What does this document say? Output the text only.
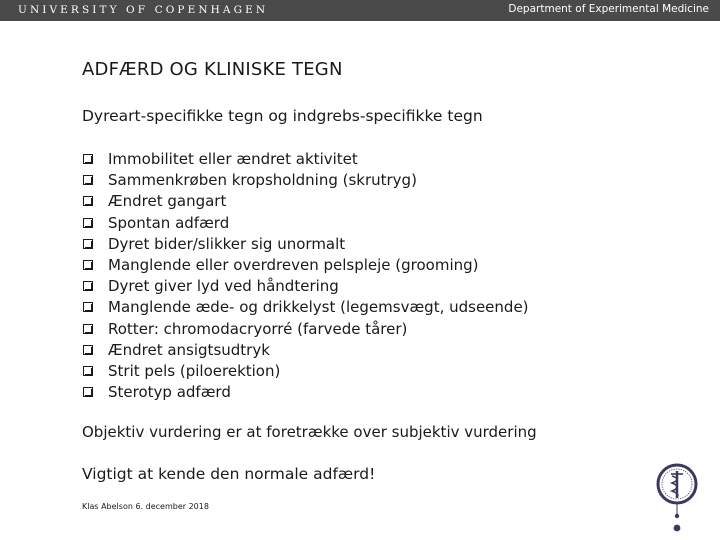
UNIVERSITY OF COPENHAGEN	Department of Experimental Medicine
ADFÆRD OG KLINISKE TEGN
Dyreart-specifikke tegn og indgrebs-specifikke tegn
Immobilitet eller ændret aktivitet
Sammenkrøben kropsholdning (skrutryg)
Ændret gangart
Spontan adfærd
Dyret bider/slikker sig unormalt
Manglende eller overdreven pelspleje (grooming)
Dyret giver lyd ved håndtering
Manglende æde- og drikkelyst (legemsvægt, udseende)
Rotter: chromodacryorré (farvede tårer)
Ændret ansigtsudtryk
Strit pels (piloerektion)
Sterotyp adfærd
Objektiv vurdering er at foretrække over subjektiv vurdering
Vigtigt at kende den normale adfærd!
Klas Abelson 6. december 2018
